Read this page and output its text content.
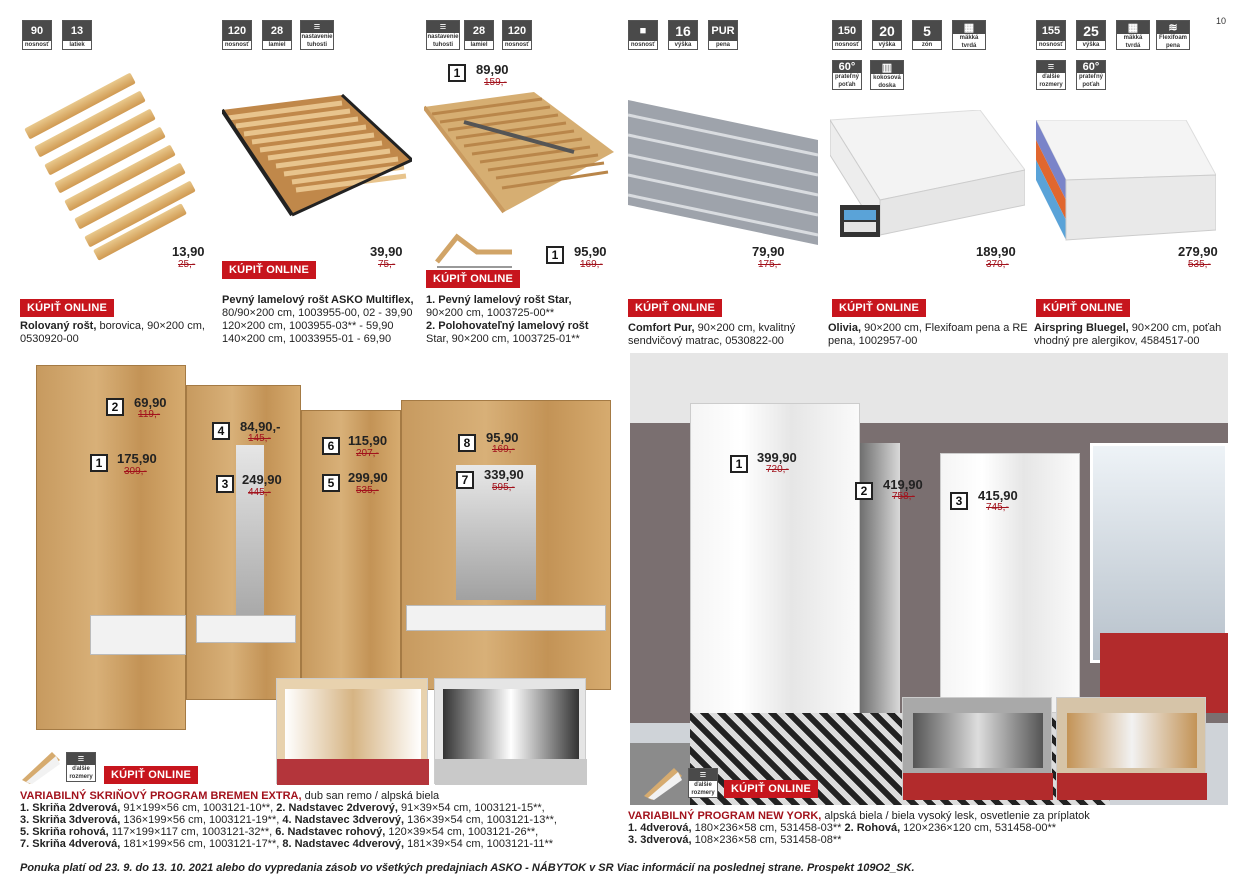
10
90
nosnosť
13
latiek
13,90
25,-
KÚPIŤ ONLINE
Rolovaný rošt, borovica, 90×200 cm, 0530920-00
120
nosnosť
28
lamiel
≡
nastavenie tuhosti
39,90
75,-
KÚPIŤ ONLINE
Pevný lamelový rošt ASKO Multiflex,
80/90×200 cm, 1003955-00, 02 - 39,90
120×200 cm, 1003955-03** - 59,90
140×200 cm, 10033955-01 - 69,90
≡
nastavenie tuhosti
28
lamiel
120
nosnosť
1	89,90
159,-
1	95,90
169,-
KÚPIŤ ONLINE
1. Pevný lamelový rošt Star,
90×200 cm, 1003725-00**
2. Polohovateľný lamelový rošt
Star, 90×200 cm, 1003725-01**
■
nosnosť
16
výška
PUR
pena
79,90
175,-
KÚPIŤ ONLINE
Comfort Pur, 90×200 cm, kvalitný sendvičový matrac, 0530822-00
150
nosnosť
20
výška
5
zón
▦
mäkká tvrdá
60°
prateľný poťah
▥
kokosová doska
189,90
370,-
KÚPIŤ ONLINE
Olivia, 90×200 cm, Flexifoam pena a RE pena, 1002957-00
155
nosnosť
25
výška
▦
mäkká tvrdá
≋
Flexifoam pena
≡
ďalšie rozmery
60°
prateľný poťah
279,90
535,-
KÚPIŤ ONLINE
Airspring Bluegel, 90×200 cm, poťah vhodný pre alergikov, 4584517-00
2	69,90
119,-
1	175,90
309,-
4	84,90,-
145,-
3	249,90
445,-
6	115,90
207,-
5	299,90
535,-
8	95,90
169,-
7	339,90
595,-
≡
ďalšie rozmery	KÚPIŤ ONLINE
VARIABILNÝ SKRIŇOVÝ PROGRAM BREMEN EXTRA, dub san remo / alpská biela
1. Skriňa 2dverová, 91×199×56 cm, 1003121-10**, 2. Nadstavec 2dverový, 91×39×54 cm, 1003121-15**,
3. Skriňa 3dverová, 136×199×56 cm, 1003121-19**, 4. Nadstavec 3dverový, 136×39×54 cm, 1003121-13**,
5. Skriňa rohová, 117×199×117 cm, 1003121-32**, 6. Nadstavec rohový, 120×39×54 cm, 1003121-26**,
7. Skriňa 4dverová, 181×199×56 cm, 1003121-17**, 8. Nadstavec 4dverový, 181×39×54 cm, 1003121-11**
1	399,90
720,-
2	419,90
758,-	3	415,90
745,-
≡
ďalšie rozmery	KÚPIŤ ONLINE
VARIABILNÝ PROGRAM NEW YORK, alpská biela / biela vysoký lesk, osvetlenie za príplatok
1. 4dverová, 180×236×58 cm, 531458-03** 2. Rohová, 120×236×120 cm, 531458-00**
3. 3dverová, 108×236×58 cm, 531458-08**
Ponuka platí od 23. 9. do 13. 10. 2021 alebo do vypredania zásob vo všetkých predajniach ASKO - NÁBYTOK v SR Viac informácií na poslednej strane. Prospekt 109O2_SK.
